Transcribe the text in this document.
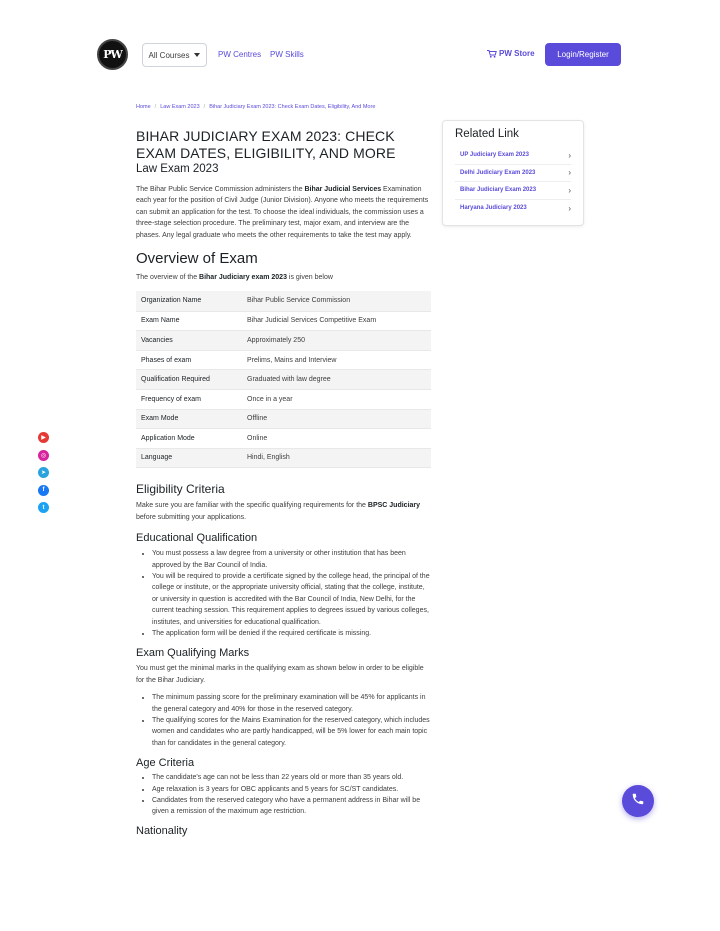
PW	All Courses	PW Centres PW Skills	PW Store	Login/Register
Home / Law Exam 2023 / Bihar Judiciary Exam 2023: Check Exam Dates, Eligibility, And More
BIHAR JUDICIARY EXAM 2023: CHECK EXAM DATES, ELIGIBILITY, AND MORE
Law Exam 2023

The Bihar Public Service Commission administers the Bihar Judicial Services Examination each year for the position of Civil Judge (Junior Division). Anyone who meets the requirements can submit an application for the test. To choose the ideal individuals, the commission uses a three-stage selection procedure. The preliminary test, major exam, and interview are the phases. Any legal graduate who meets the other requirements to take the test may apply.

Overview of Exam

The overview of the Bihar Judiciary exam 2023 is given below

Organization Name	Bihar Public Service Commission
Exam Name	Bihar Judicial Services Competitive Exam
Vacancies	Approximately 250
Phases of exam	Prelims, Mains and Interview
Qualification Required	Graduated with law degree
Frequency of exam	Once in a year
Exam Mode	Offline
Application Mode	Online
Language	Hindi, English
Eligibility Criteria

Make sure you are familiar with the specific qualifying requirements for the BPSC Judiciary before submitting your applications.

Educational Qualification
• You must possess a law degree from a university or other institution that has been approved by the Bar Council of India.
• You will be required to provide a certificate signed by the college head, the principal of the college or institute, or the appropriate university official, stating that the college, institute, or university in question is accredited with the Bar Council of India, New Delhi, for the current teaching session. This requirement applies to degrees issued by various colleges, institutes, and universities for educational qualification.
• The application form will be denied if the required certificate is missing.
Exam Qualifying Marks

You must get the minimal marks in the qualifying exam as shown below in order to be eligible for the Bihar Judiciary.

• The minimum passing score for the preliminary examination will be 45% for applicants in the general category and 40% for those in the reserved category.
• The qualifying scores for the Mains Examination for the reserved category, which includes women and candidates who are partly handicapped, will be 5% lower for each main topic than for candidates in the general category.
Age Criteria
• The candidate's age can not be less than 22 years old or more than 35 years old.
• Age relaxation is 3 years for OBC applicants and 5 years for SC/ST candidates.
• Candidates from the reserved category who have a permanent address in Bihar will be given a remission of the maximum age restriction.
Nationality
Related Link
UP Judiciary Exam 2023	›
Delhi Judiciary Exam 2023	›
Bihar Judiciary Exam 2023	›
Haryana Judiciary 2023	›
▶
◎
➤
f
t
